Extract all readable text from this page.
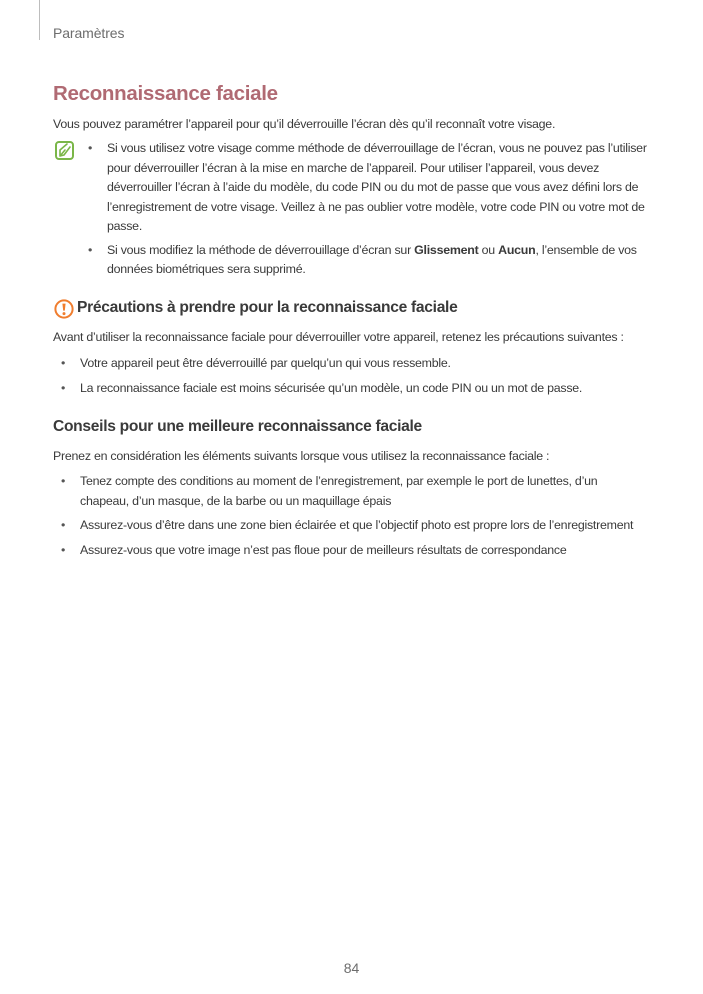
Paramètres
Reconnaissance faciale
Vous pouvez paramétrer l’appareil pour qu’il déverrouille l’écran dès qu’il reconnaît votre visage.
• Si vous utilisez votre visage comme méthode de déverrouillage de l’écran, vous ne pouvez pas l’utiliser pour déverrouiller l’écran à la mise en marche de l’appareil. Pour utiliser l’appareil, vous devez déverrouiller l’écran à l’aide du modèle, du code PIN ou du mot de passe que vous avez défini lors de l’enregistrement de votre visage. Veillez à ne pas oublier votre modèle, votre code PIN ou votre mot de passe.
• Si vous modifiez la méthode de déverrouillage d’écran sur Glissement ou Aucun, l’ensemble de vos données biométriques sera supprimé.
Précautions à prendre pour la reconnaissance faciale
Avant d’utiliser la reconnaissance faciale pour déverrouiller votre appareil, retenez les précautions suivantes :
• Votre appareil peut être déverrouillé par quelqu’un qui vous ressemble.
• La reconnaissance faciale est moins sécurisée qu’un modèle, un code PIN ou un mot de passe.
Conseils pour une meilleure reconnaissance faciale
Prenez en considération les éléments suivants lorsque vous utilisez la reconnaissance faciale :
• Tenez compte des conditions au moment de l’enregistrement, par exemple le port de lunettes, d’un chapeau, d’un masque, de la barbe ou un maquillage épais
• Assurez-vous d’être dans une zone bien éclairée et que l’objectif photo est propre lors de l’enregistrement
• Assurez-vous que votre image n’est pas floue pour de meilleurs résultats de correspondance
84
